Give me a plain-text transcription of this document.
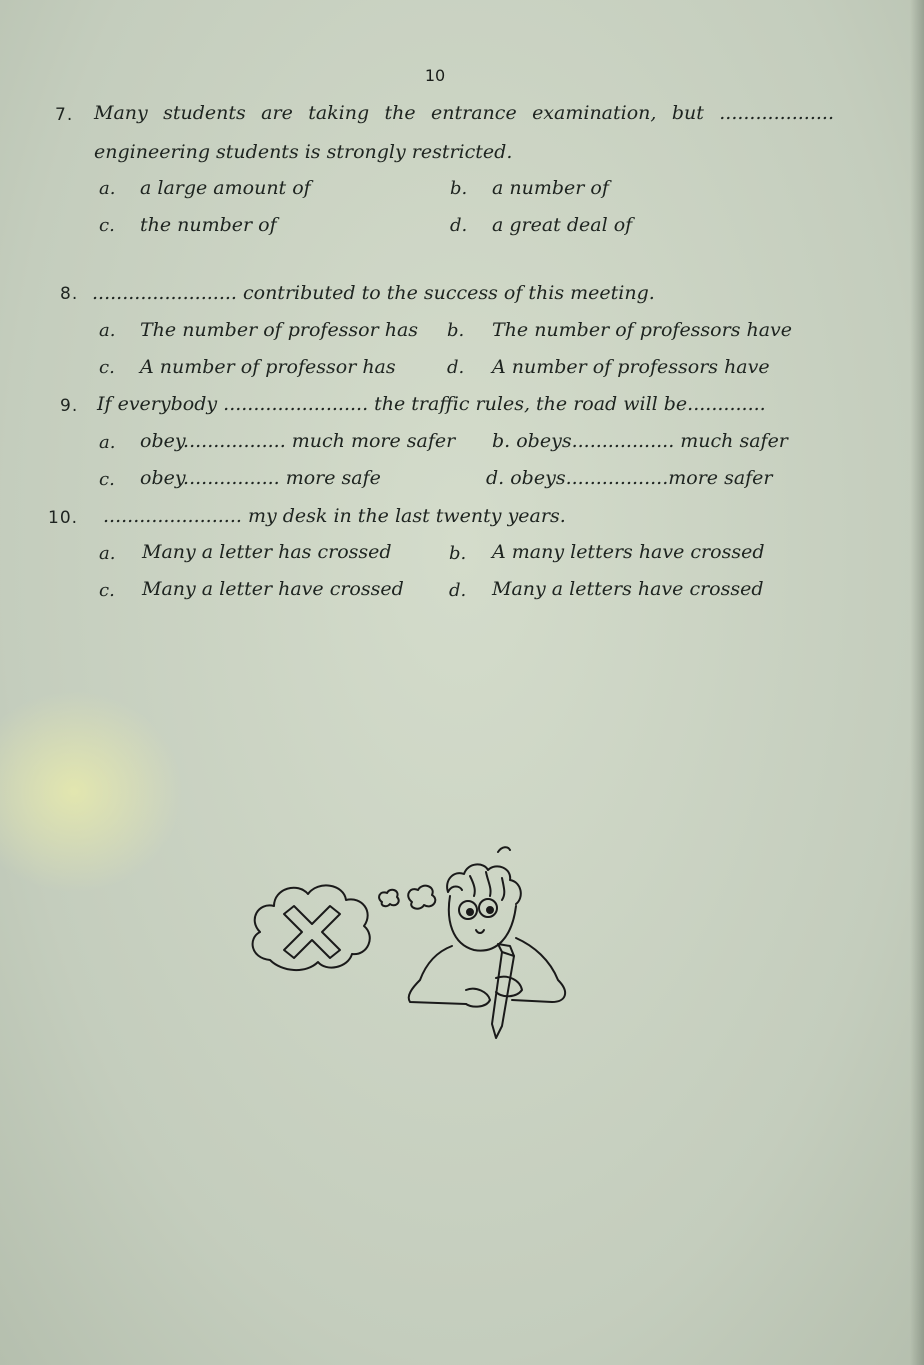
10
7. Many students are taking the entrance examination, but ...................
engineering students is strongly restricted.
a. a large amount of	b. a number of
c. the number of	d. a great deal of
8. ........................ contributed to the success of this meeting.
a. The number of professor has b. The number of professors have
c. A number of professor has	d. A number of professors have
9. If everybody ........................ the traffic rules, the road will be.............
a. obey................. much more safer b. obeys................. much safer
c. obey................ more safe	d. obeys.................more safer
10. ....................... my desk in the last twenty years.
a. Many a letter has crossed	b. A many letters have crossed
c. Many a letter have crossed	d. Many a letters have crossed
